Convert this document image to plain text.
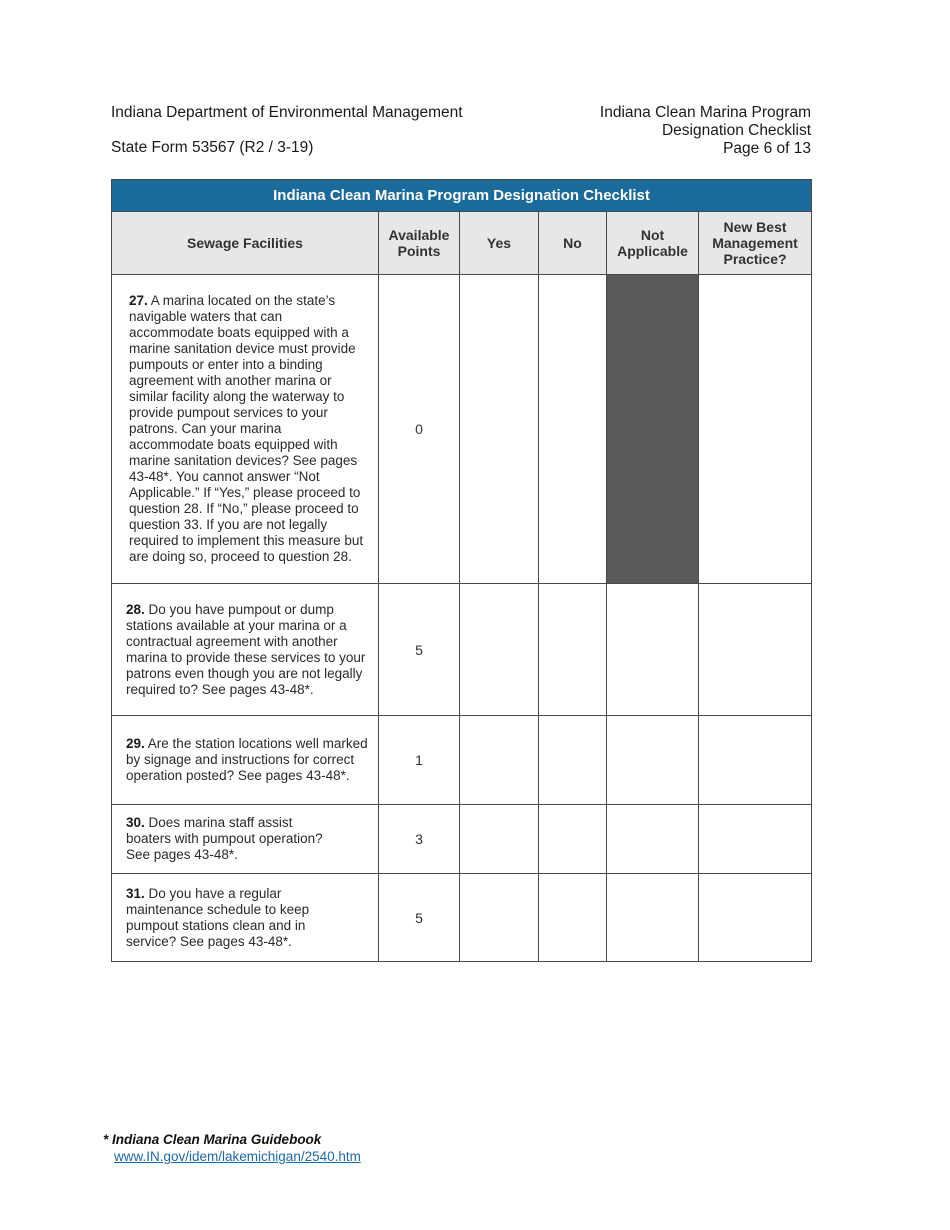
Indiana Department of Environmental Management
State Form 53567 (R2 / 3-19)
Indiana Clean Marina Program
Designation Checklist
Page 6 of 13
Indiana Clean Marina Program Designation Checklist					
Sewage Facilities	Available Points	Yes	No	Not Applicable	New Best Management Practice?
27. A marina located on the state’s navigable waters that can accommodate boats equipped with a marine sanitation device must provide pumpouts or enter into a binding agreement with another marina or similar facility along the waterway to provide pumpout services to your patrons. Can your marina accommodate boats equipped with marine sanitation devices? See pages 43-48*. You cannot answer “Not Applicable.” If “Yes,” please proceed to question 28. If “No,” please proceed to question 33. If you are not legally required to implement this measure but are doing so, proceed to question 28.	0				
28. Do you have pumpout or dump stations available at your marina or a contractual agreement with another marina to provide these services to your patrons even though you are not legally required to? See pages 43-48*.	5				
29. Are the station locations well marked by signage and instructions for correct operation posted? See pages 43-48*.	1				

30. Does marina staff assist boaters with pumpout operation? See pages 43-48*.	3				

31. Do you have a regular maintenance schedule to keep pumpout stations clean and in service? See pages 43-48*.	5				
* Indiana Clean Marina Guidebook
www.IN.gov/idem/lakemichigan/2540.htm
